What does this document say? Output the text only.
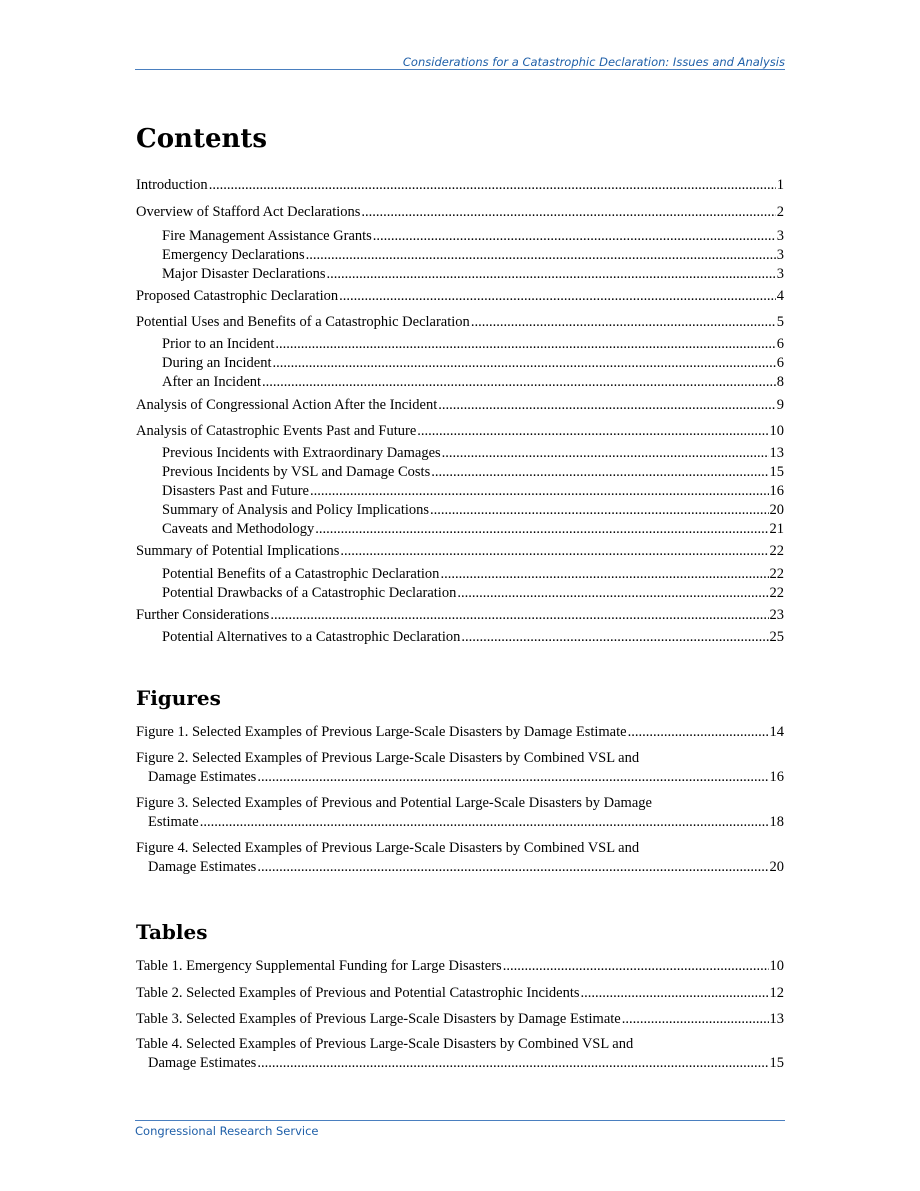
Considerations for a Catastrophic Declaration: Issues and Analysis
Contents
Introduction .....	1
Overview of Stafford Act Declarations .....	2
Fire Management Assistance Grants .....	3
Emergency Declarations .....	3
Major Disaster Declarations .....	3
Proposed Catastrophic Declaration .....	4
Potential Uses and Benefits of a Catastrophic Declaration .....	5
Prior to an Incident .....	6
During an Incident .....	6
After an Incident .....	8
Analysis of Congressional Action After the Incident .....	9
Analysis of Catastrophic Events Past and Future .....	10
Previous Incidents with Extraordinary Damages .....	13
Previous Incidents by VSL and Damage Costs .....	15
Disasters Past and Future .....	16
Summary of Analysis and Policy Implications .....	20
Caveats and Methodology .....	21
Summary of Potential Implications .....	22
Potential Benefits of a Catastrophic Declaration .....	22
Potential Drawbacks of a Catastrophic Declaration .....	22
Further Considerations .....	23
Potential Alternatives to a Catastrophic Declaration .....	25
Figures
Figure 1. Selected Examples of Previous Large-Scale Disasters by Damage Estimate .....	14
Figure 2. Selected Examples of Previous Large-Scale Disasters by Combined VSL and
Damage Estimates .....	16
Figure 3. Selected Examples of Previous and Potential Large-Scale Disasters by Damage
Estimate .....	18
Figure 4. Selected Examples of Previous Large-Scale Disasters by Combined VSL and
Damage Estimates .....	20
Tables
Table 1. Emergency Supplemental Funding for Large Disasters .....	10
Table 2. Selected Examples of Previous and Potential Catastrophic Incidents .....	12
Table 3. Selected Examples of Previous Large-Scale Disasters by Damage Estimate .....	13
Table 4. Selected Examples of Previous Large-Scale Disasters by Combined VSL and
Damage Estimates .....	15
Congressional Research Service
